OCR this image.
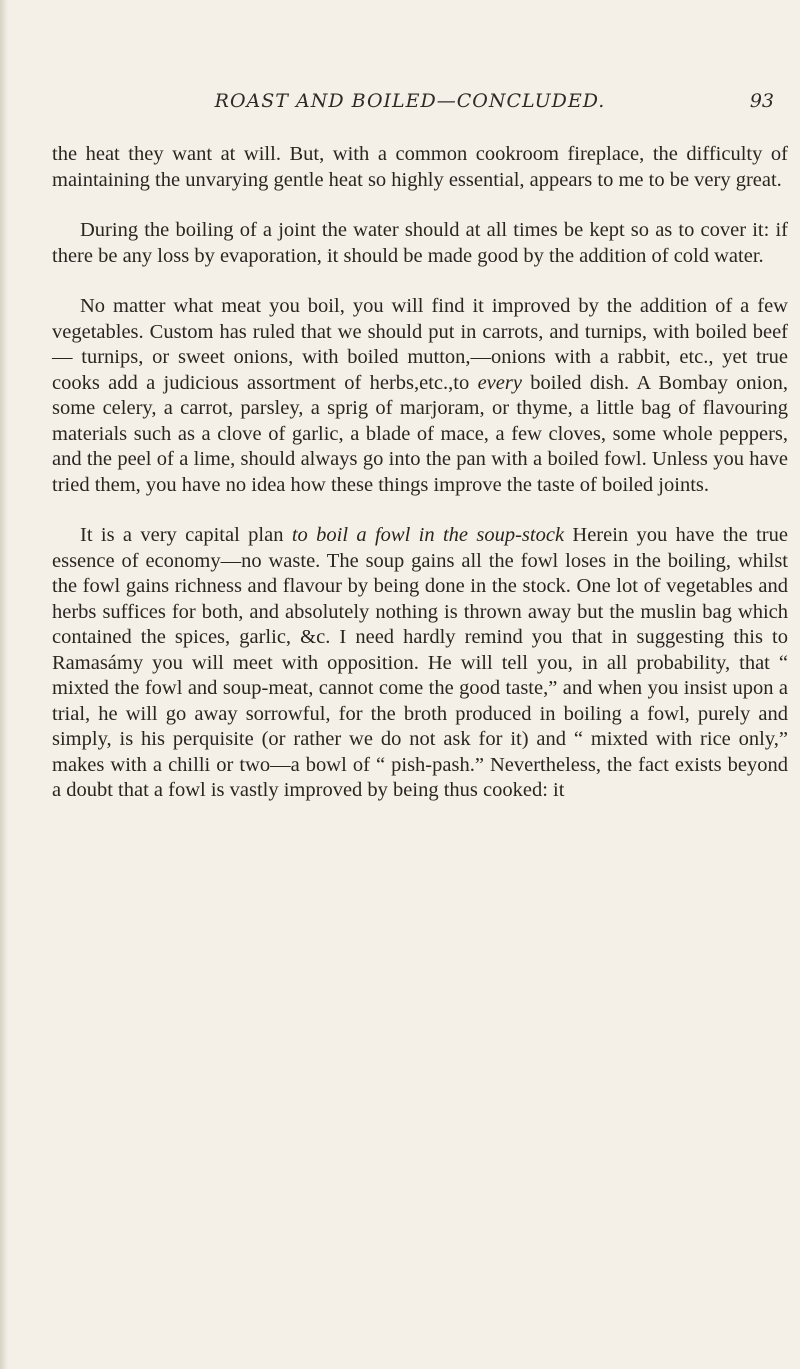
ROAST AND BOILED—CONCLUDED.	93

the heat they want at will. But, with a common cookroom fireplace, the difficulty of maintaining the unvarying gentle heat so highly essential, appears to me to be very great.

During the boiling of a joint the water should at all times be kept so as to cover it: if there be any loss by evaporation, it should be made good by the addition of cold water.

No matter what meat you boil, you will find it improved by the addition of a few vegetables. Custom has ruled that we should put in carrots, and turnips, with boiled beef— turnips, or sweet onions, with boiled mutton,—onions with a rabbit, etc., yet true cooks add a judicious assortment of herbs,etc.,to every boiled dish. A Bombay onion, some celery, a carrot, parsley, a sprig of marjoram, or thyme, a little bag of flavouring materials such as a clove of garlic, a blade of mace, a few cloves, some whole peppers, and the peel of a lime, should always go into the pan with a boiled fowl. Unless you have tried them, you have no idea how these things improve the taste of boiled joints.

It is a very capital plan to boil a fowl in the soup-stock Herein you have the true essence of economy—no waste. The soup gains all the fowl loses in the boiling, whilst the fowl gains richness and flavour by being done in the stock. One lot of vegetables and herbs suffices for both, and absolutely nothing is thrown away but the muslin bag which contained the spices, garlic, &c. I need hardly remind you that in suggesting this to Ramasámy you will meet with opposition. He will tell you, in all probability, that “ mixted the fowl and soup-meat, cannot come the good taste,” and when you insist upon a trial, he will go away sorrowful, for the broth produced in boiling a fowl, purely and simply, is his perquisite (or rather we do not ask for it) and “ mixted with rice only,” makes with a chilli or two—a bowl of “ pish-pash.” Nevertheless, the fact exists beyond a doubt that a fowl is vastly improved by being thus cooked: it
